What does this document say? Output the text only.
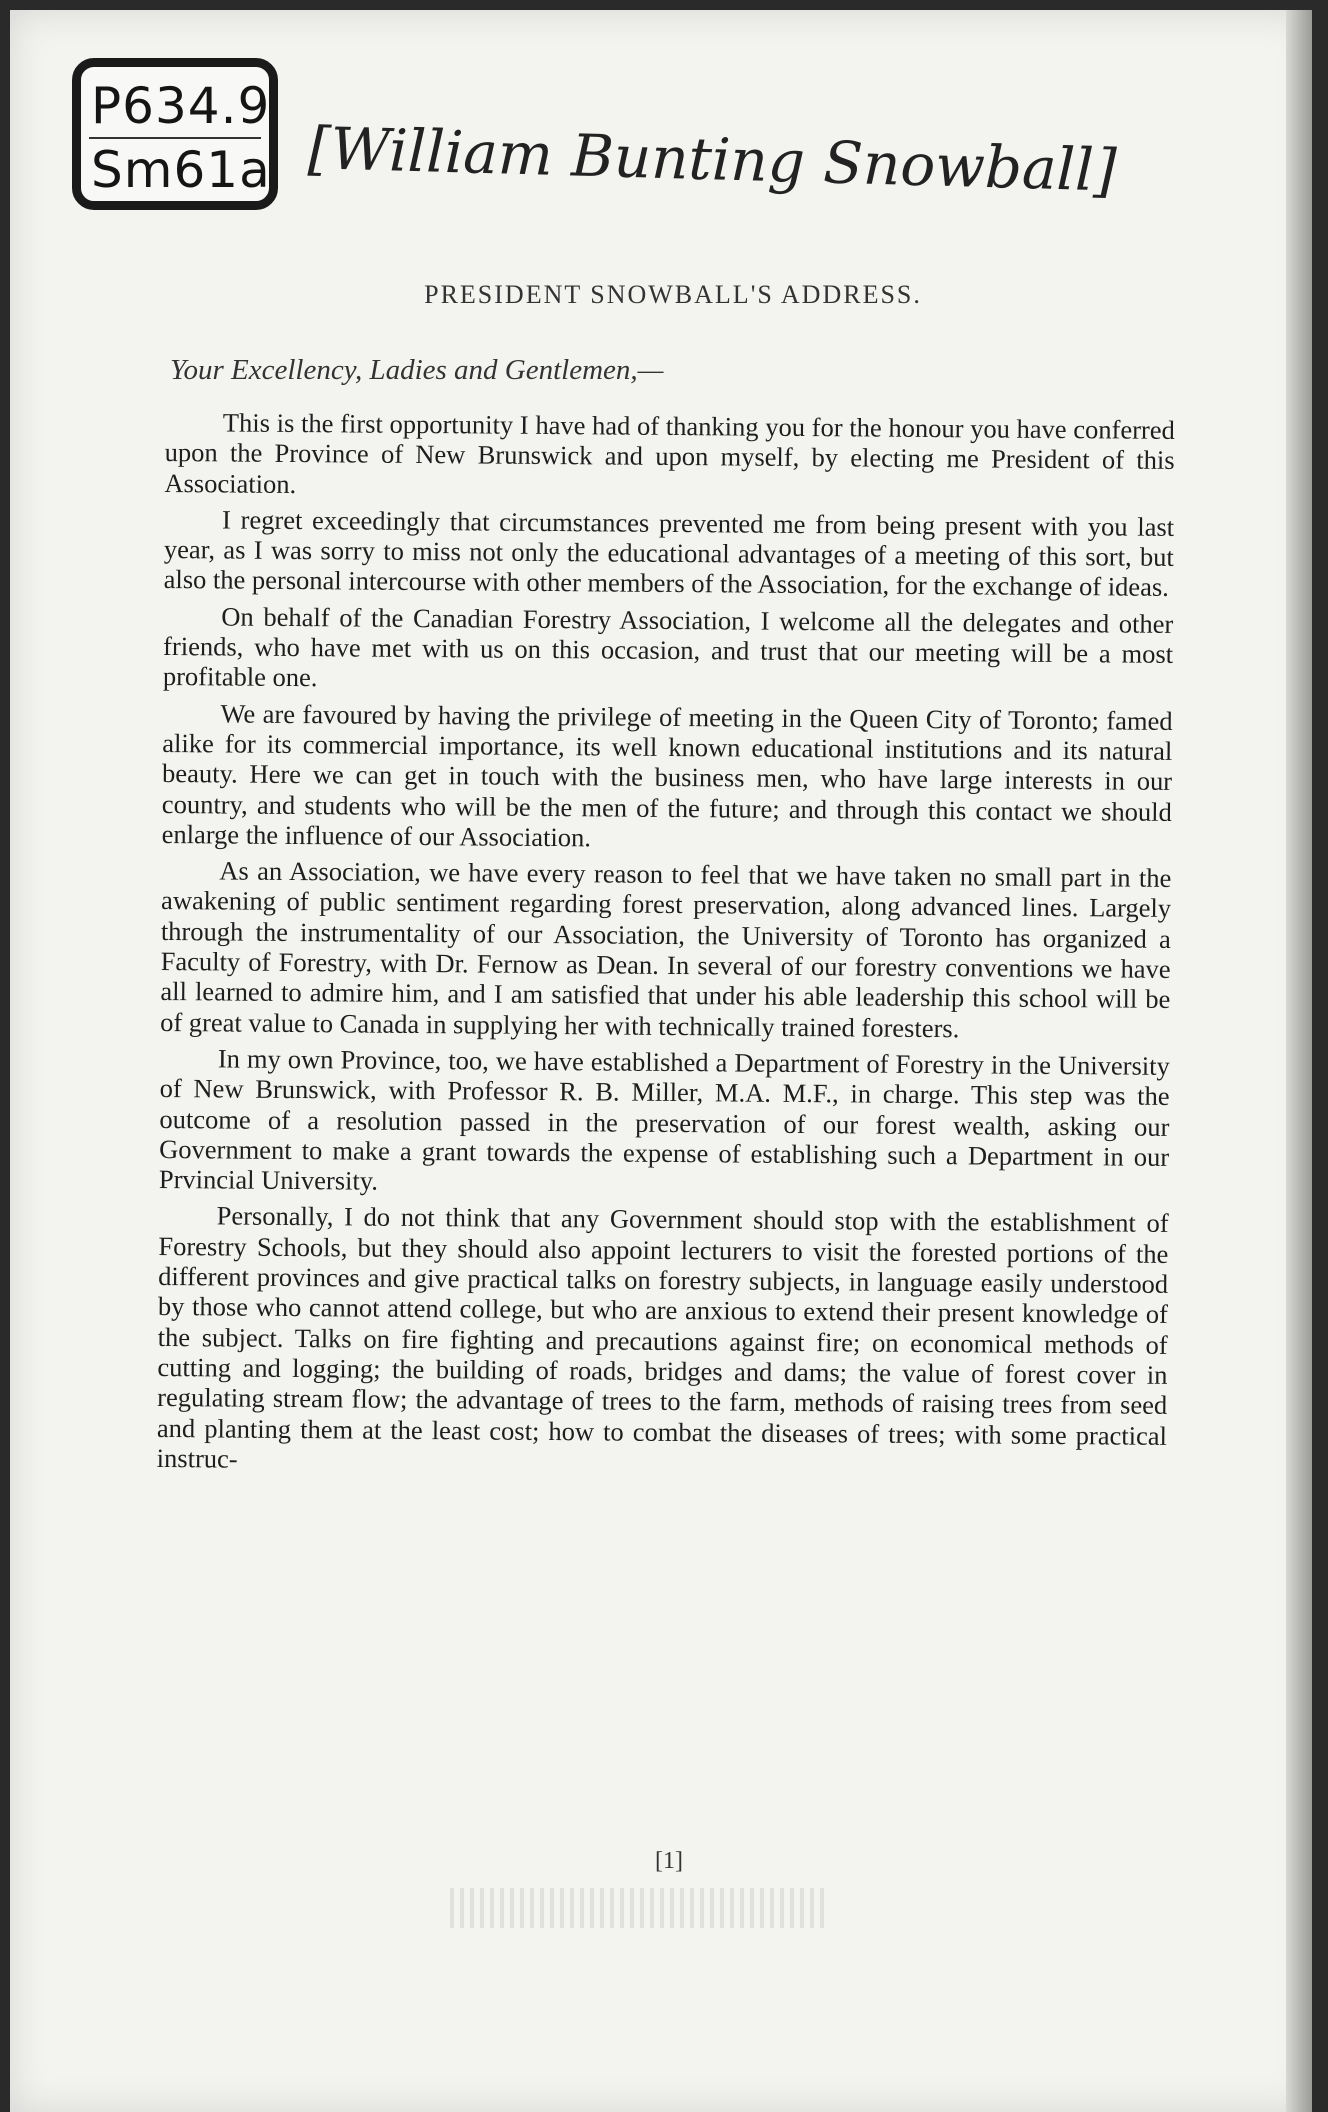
P634.9
Sm61a [William Bunting Snowball]
PRESIDENT SNOWBALL'S ADDRESS.
Your Excellency, Ladies and Gentlemen,—

This is the first opportunity I have had of thanking you for the honour you have conferred upon the Province of New Brunswick and upon myself, by electing me President of this Association.

I regret exceedingly that circumstances prevented me from being present with you last year, as I was sorry to miss not only the educational advantages of a meeting of this sort, but also the personal intercourse with other members of the Association, for the exchange of ideas.

On behalf of the Canadian Forestry Association, I welcome all the delegates and other friends, who have met with us on this occasion, and trust that our meeting will be a most profitable one.

We are favoured by having the privilege of meeting in the Queen City of Toronto; famed alike for its commercial importance, its well known educational institutions and its natural beauty. Here we can get in touch with the business men, who have large interests in our country, and students who will be the men of the future; and through this contact we should enlarge the influence of our Association.

As an Association, we have every reason to feel that we have taken no small part in the awakening of public sentiment regarding forest preservation, along advanced lines. Largely through the instrumentality of our Association, the University of Toronto has organized a Faculty of Forestry, with Dr. Fernow as Dean. In several of our forestry conventions we have all learned to admire him, and I am satisfied that under his able leadership this school will be of great value to Canada in supplying her with technically trained foresters.

In my own Province, too, we have established a Department of Forestry in the University of New Brunswick, with Professor R. B. Miller, M.A. M.F., in charge. This step was the outcome of a resolution passed in the preservation of our forest wealth, asking our Government to make a grant towards the expense of establishing such a Department in our Prvincial University.

Personally, I do not think that any Government should stop with the establishment of Forestry Schools, but they should also appoint lecturers to visit the forested portions of the different provinces and give practical talks on forestry subjects, in language easily understood by those who cannot attend college, but who are anxious to extend their present knowledge of the subject. Talks on fire fighting and precautions against fire; on economical methods of cutting and logging; the building of roads, bridges and dams; the value of forest cover in regulating stream flow; the advantage of trees to the farm, methods of raising trees from seed and planting them at the least cost; how to combat the diseases of trees; with some practical instruc-

[1]
